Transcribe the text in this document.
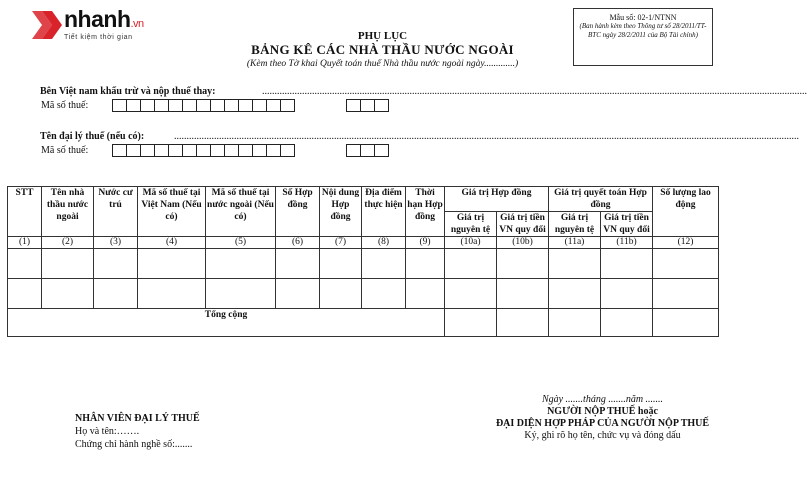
nhanh.vn
Tiết kiệm thời gian
Mẫu số: 02-1/NTNN
(Ban hành kèm theo Thông tư số 28/2011/TT-BTC ngày 28/2/2011 của Bộ Tài chính)
PHỤ LỤC
BẢNG KÊ CÁC NHÀ THẦU NƯỚC NGOÀI
(Kèm theo Tờ khai Quyết toán thuế Nhà thầu nước ngoài ngày.............)
Bên Việt nam khấu trừ và nộp thuế thay:	..........................................................................................................................................................................................................................
Mã số thuế:
Tên đại lý thuế (nếu có):	..........................................................................................................................................................................................................................................................
Mã số thuế:
STT	Tên nhà thầu nước ngoài	Nước cư trú	Mã số thuế tại Việt Nam (Nếu có)	Mã số thuế tại nước ngoài (Nếu có)	Số Hợp đồng	Nội dung Hợp đồng	Địa điểm thực hiện	Thời hạn Hợp đồng	Giá trị Hợp đồng		Giá trị quyết toán Hợp đồng		Số lượng lao động
									Giá trị nguyên tệ	Giá trị tiền VN quy đổi	Giá trị nguyên tệ	Giá trị tiền VN quy đổi	
(1)	(2)	(3)	(4)	(5)	(6)	(7)	(8)	(9)	(10a)	(10b)	(11a)	(11b)	(12)

Tổng cộng													
NHÂN VIÊN ĐẠI LÝ THUẾ
Họ và tên:…….
Chứng chỉ hành nghề số:.......
Ngày .......tháng .......năm .......
NGƯỜI NỘP THUẾ hoặc
ĐẠI DIỆN HỢP PHÁP CỦA NGƯỜI NỘP THUẾ
Ký, ghi rõ họ tên, chức vụ và đóng dấu
